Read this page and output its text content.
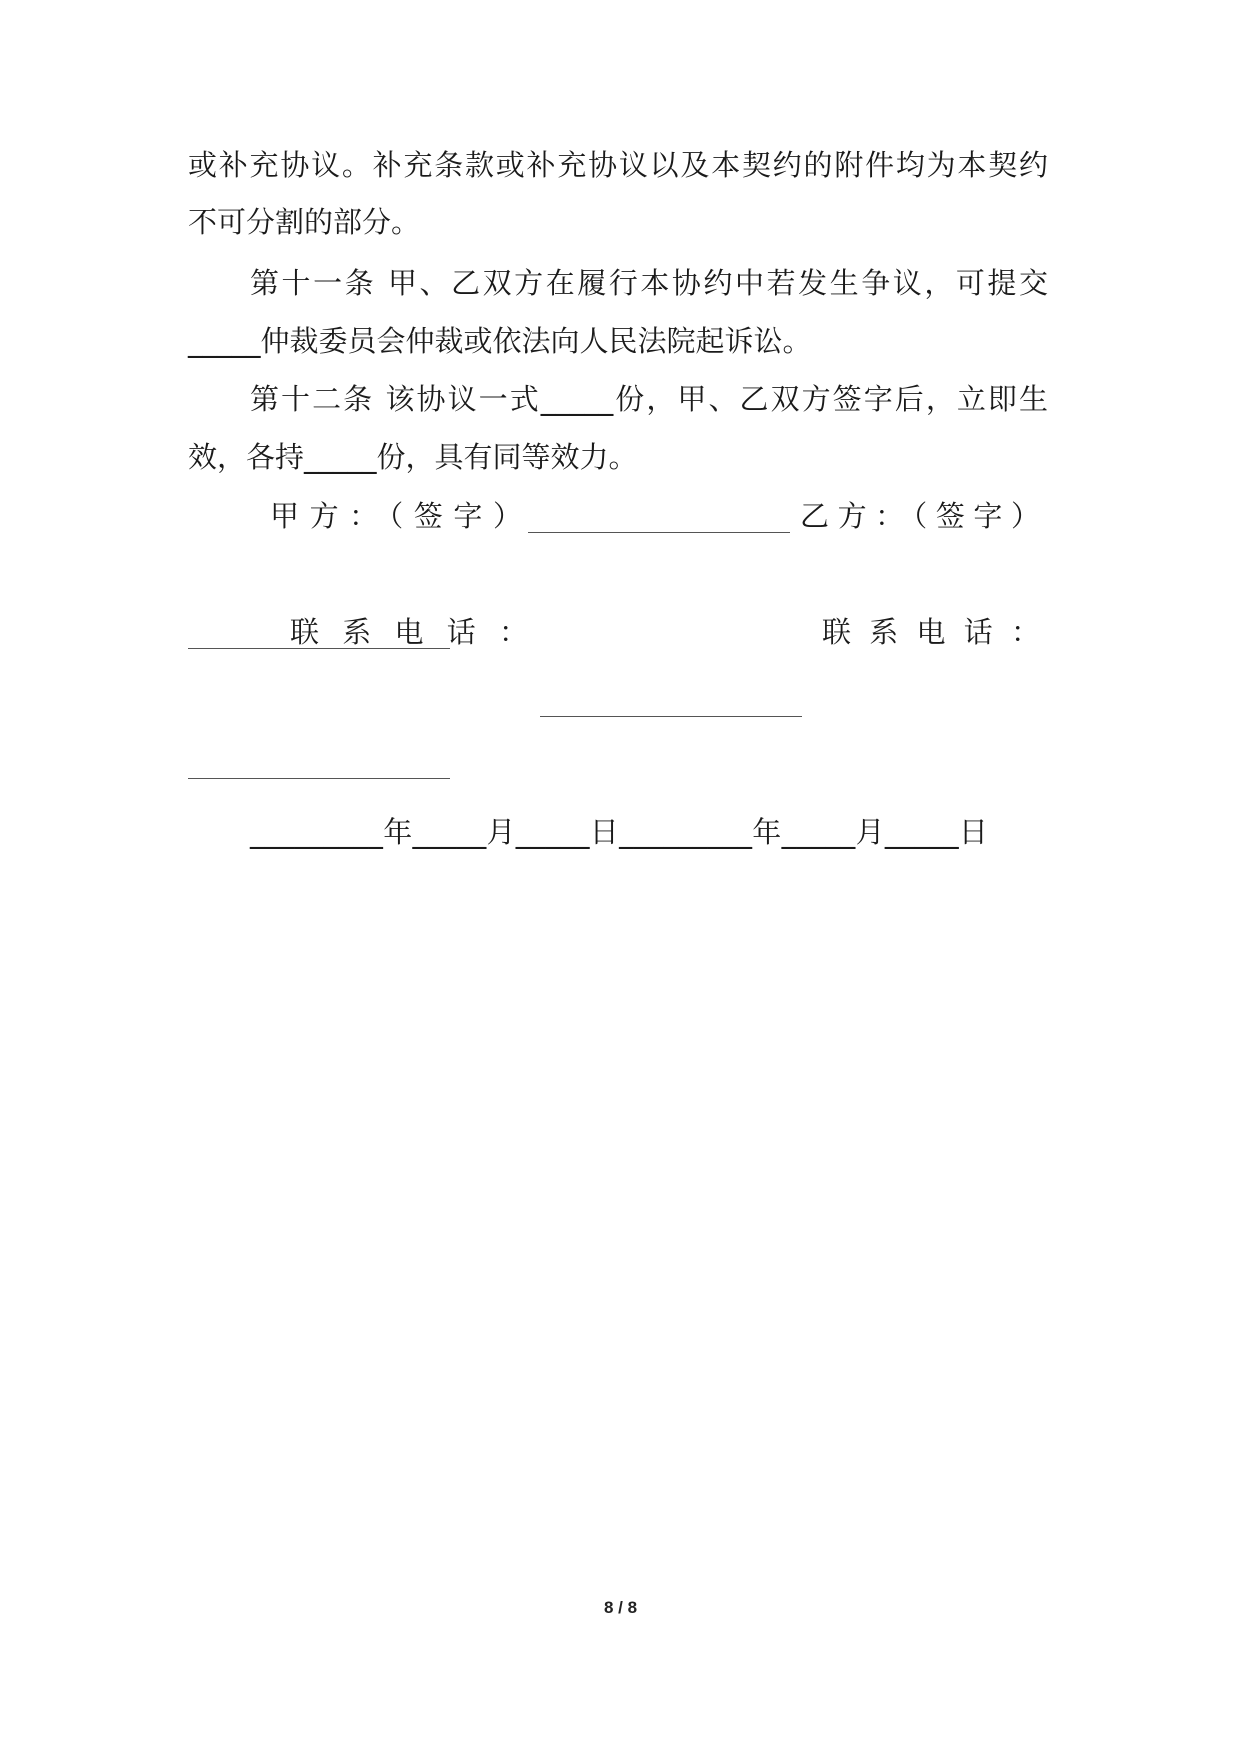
或补充协议。补充条款或补充协议以及本契约的附件均为本契约
不可分割的部分。
第十一条 甲、乙双方在履行本协约中若发生争议，可提交
_____仲裁委员会仲裁或依法向人民法院起诉讼。
第十二条 该协议一式_____份，甲、乙双方签字后，立即生
效，各持_____份，具有同等效力。
甲方：（签字）	乙方：（签字）
联系电话：	联系电话：
_________年_____月_____日_________年_____月_____日
8 / 8
